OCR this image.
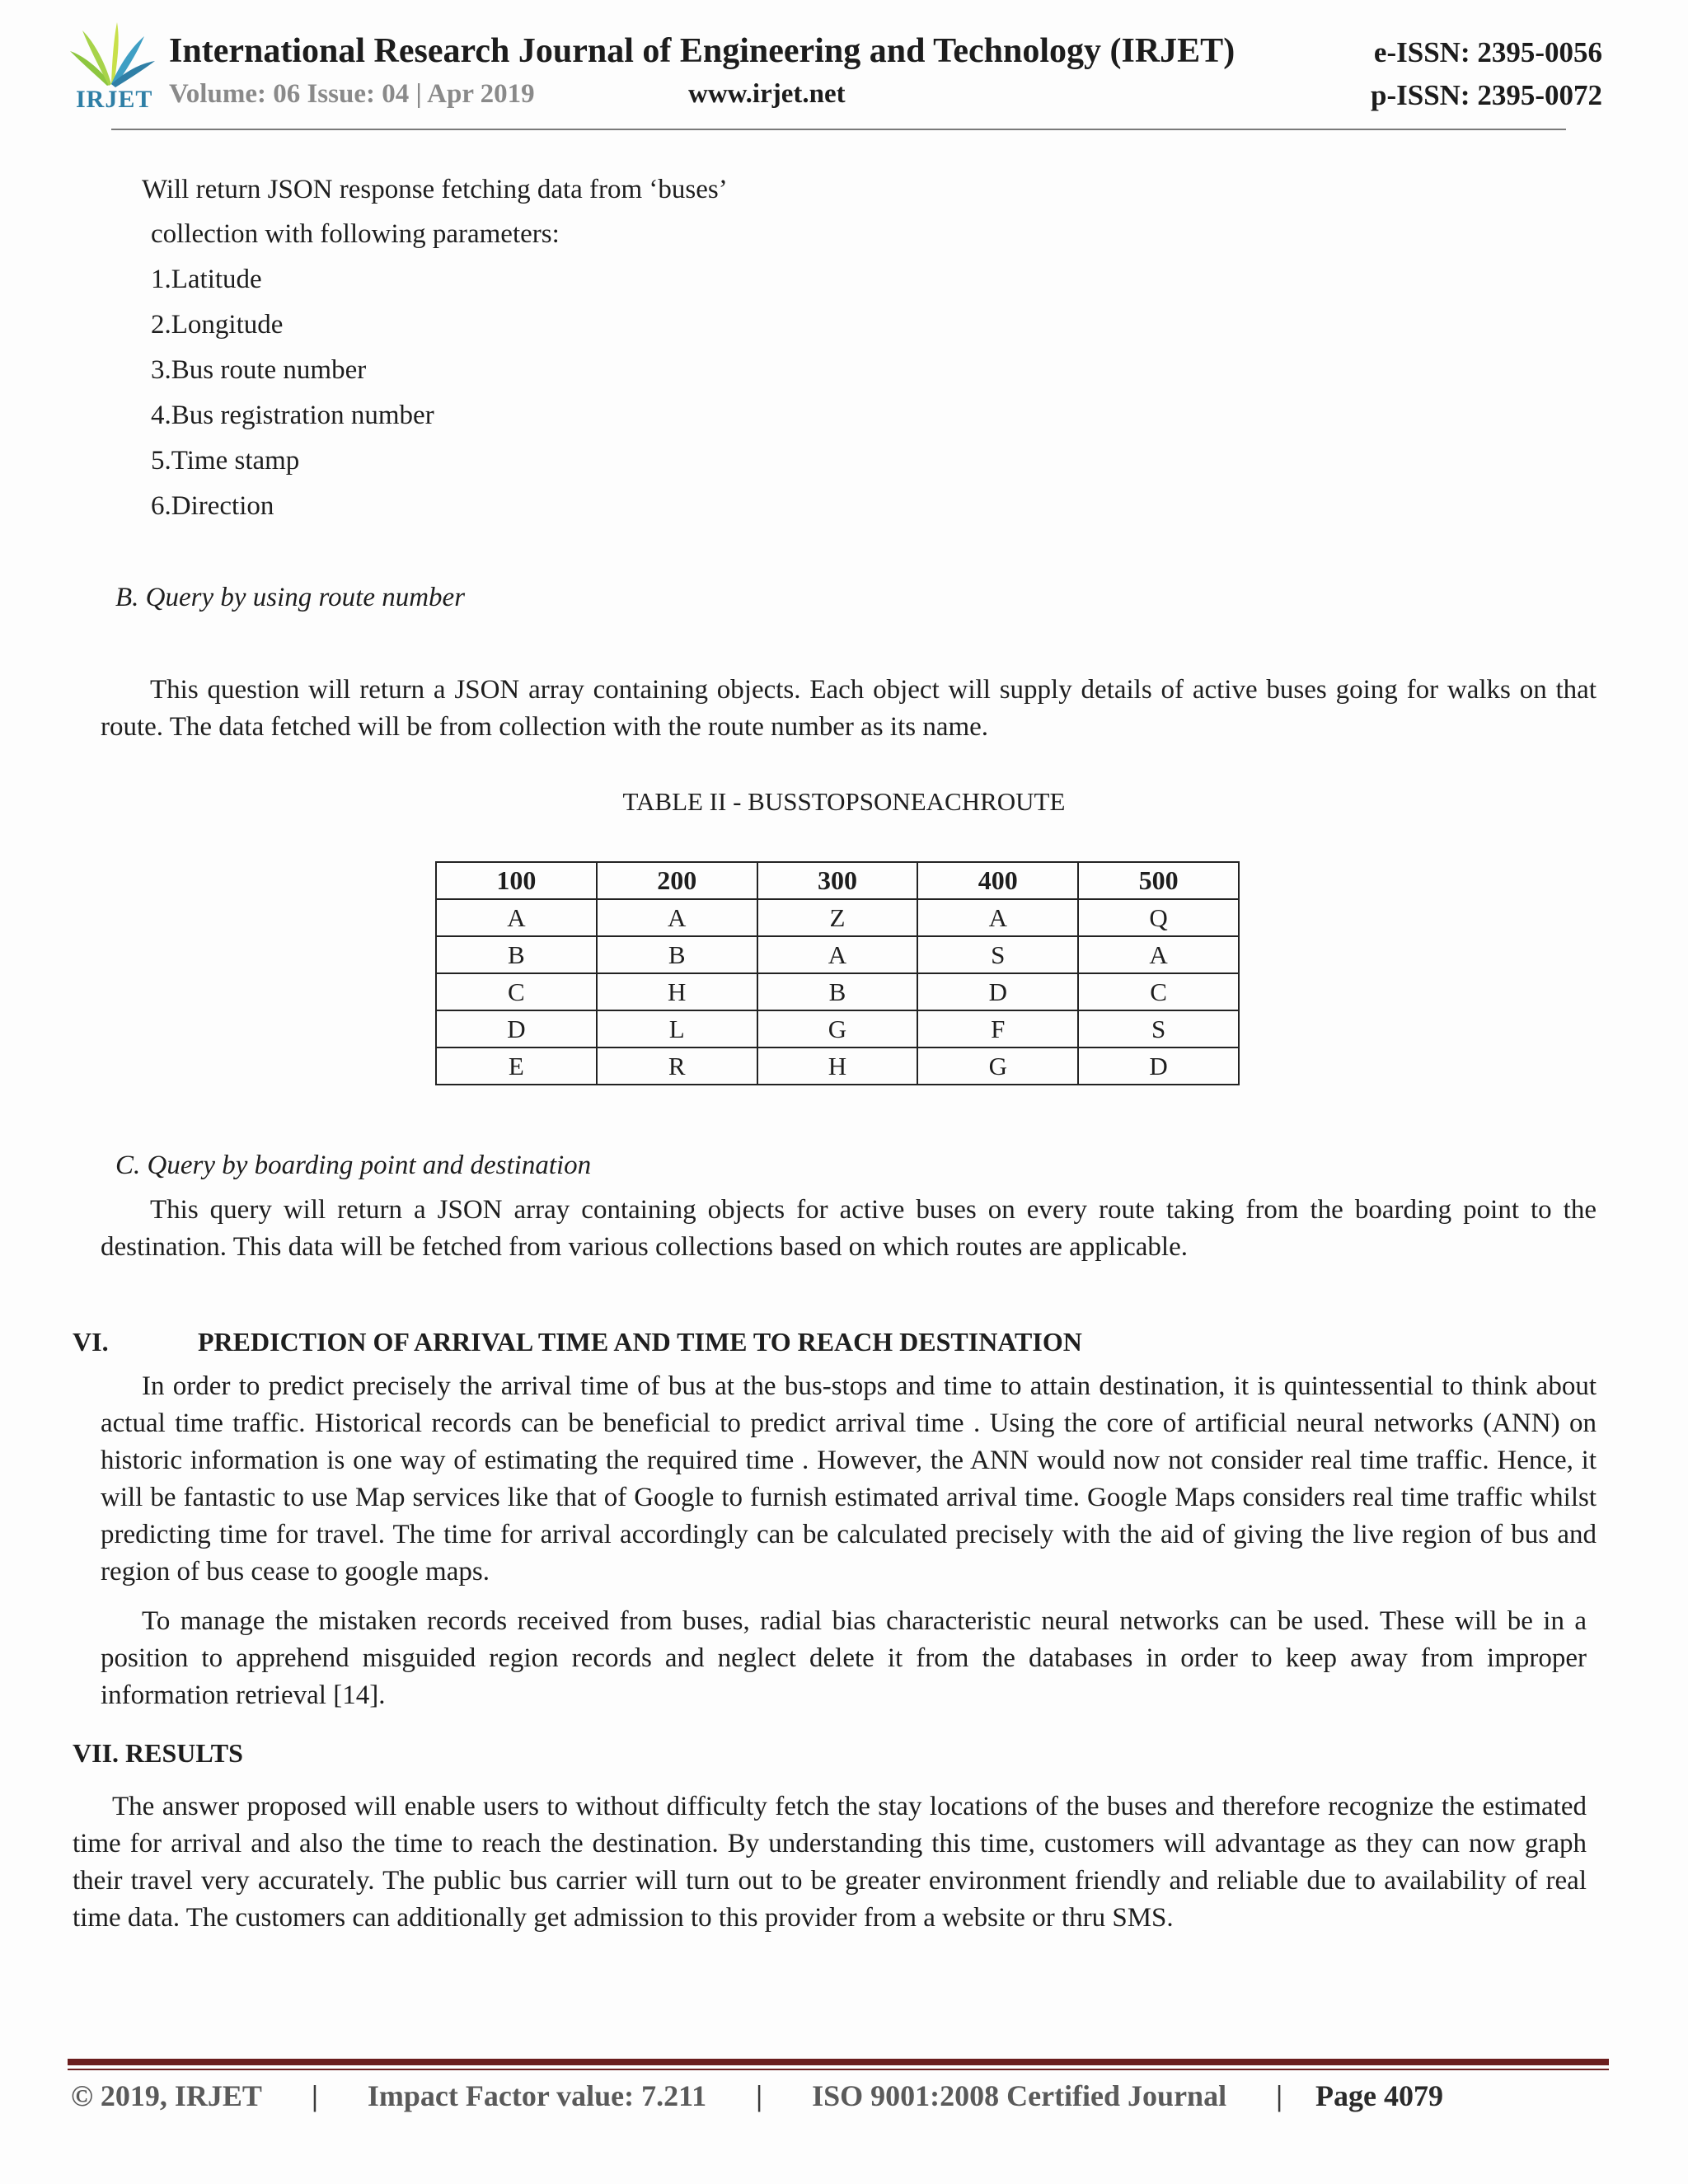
IRJET
International Research Journal of Engineering and Technology (IRJET)
Volume: 06 Issue: 04 | Apr 2019	www.irjet.net
e-ISSN: 2395-0056
p-ISSN: 2395-0072
Will return JSON response fetching data from ‘buses’
collection with following parameters:
1.Latitude
2.Longitude
3.Bus route number
4.Bus registration number
5.Time stamp
6.Direction
B. Query by using route number

This question will return a JSON array containing objects. Each object will supply details of active buses going for walks on that route. The data fetched will be from collection with the route number as its name.

TABLE II - BUSSTOPSONEACHROUTE
100	200	300	400	500
A	A	Z	A	Q
B	B	A	S	A
C	H	B	D	C
D	L	G	F	S
E	R	H	G	D
C. Query by boarding point and destination

This query will return a JSON array containing objects for active buses on every route taking from the boarding point to the destination. This data will be fetched from various collections based on which routes are applicable.

VI.	PREDICTION OF ARRIVAL TIME AND TIME TO REACH DESTINATION

In order to predict precisely the arrival time of bus at the bus-stops and time to attain destination, it is quintessential to think about actual time traffic. Historical records can be beneficial to predict arrival time . Using the core of artificial neural networks (ANN) on historic information is one way of estimating the required time . However, the ANN would now not consider real time traffic. Hence, it will be fantastic to use Map services like that of Google to furnish estimated arrival time. Google Maps considers real time traffic whilst predicting time for travel. The time for arrival accordingly can be calculated precisely with the aid of giving the live region of bus and region of bus cease to google maps.

To manage the mistaken records received from buses, radial bias characteristic neural networks can be used. These will be in a position to apprehend misguided region records and neglect delete it from the databases in order to keep away from improper information retrieval [14].

VII. RESULTS

The answer proposed will enable users to without difficulty fetch the stay locations of the buses and therefore recognize the estimated time for arrival and also the time to reach the destination. By understanding this time, customers will advantage as they can now graph their travel very accurately. The public bus carrier will turn out to be greater environment friendly and reliable due to availability of real time data. The customers can additionally get admission to this provider from a website or thru SMS.

© 2019, IRJET | Impact Factor value: 7.211 | ISO 9001:2008 Certified Journal | Page 4079
